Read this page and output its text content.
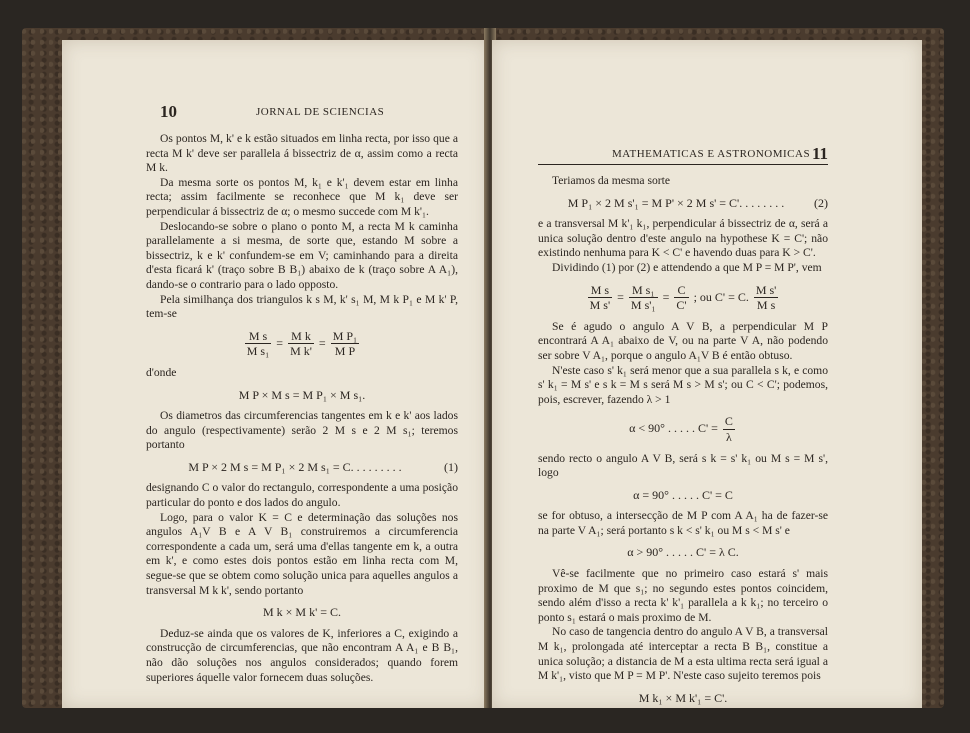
10	JORNAL DE SCIENCIAS

Os pontos M, k' e k estão situados em linha recta, por isso que a recta M k' deve ser parallela á bissectriz de α, assim como a recta M k.

Da mesma sorte os pontos M, k₁ e k'₁ devem estar em linha recta; assim facilmente se reconhece que M k₁ deve ser perpendicular á bissectriz de α; o mesmo succede com M k'₁.

Deslocando-se sobre o plano o ponto M, a recta M k caminha parallelamente a si mesma, de sorte que, estando M sobre a bissectriz, k e k' confundem-se em V; caminhando para a direita d'esta ficará k' (traço sobre B B₁) abaixo de k (traço sobre A A₁), dando-se o contrario para o lado opposto.

Pela similhança dos triangulos k s M, k' s₁ M, M k P₁ e M k' P, tem-se

$\frac{\text{M s}}{\text{M s₁}} = \frac{\text{M k}}{\text{M k'}} = \frac{\text{M P₁}}{\text{M P}}$

d'onde

M P × M s = M P₁ × M s₁.

Os diametros das circumferencias tangentes em k e k' aos lados do angulo (respectivamente) serão 2 M s e 2 M s₁; teremos portanto

M P × 2 M s = M P₁ × 2 M s₁ = C. . . . . . . . .	(1)

designando C o valor do rectangulo, correspondente a uma posição particular do ponto e dos lados do angulo.

Logo, para o valor K = C e determinação das soluções nos angulos A₁V B e A V B₁ construiremos a circumferencia correspondente a cada um, será uma d'ellas tangente em k, a outra em k', e como estes dois pontos estão em linha recta com M, segue-se que se obtem como solução unica para aquelles angulos a transversal M k k', sendo portanto

M k × M k' = C.

Deduz-se ainda que os valores de K, inferiores a C, exigindo a construcção de circumferencias, que não encontram A A₁ e B B₁, não dão soluções nos angulos considerados; quando forem superiores áquelle valor fornecem duas soluções.

MATHEMATICAS E ASTRONOMICAS 11

Teriamos da mesma sorte

M P₁ × 2 M s'₁ = M P' × 2 M s' = C'. . . . . . . . (2)

e a transversal M k'₁ k₁, perpendicular á bissectriz de α, será a unica solução dentro d'este angulo na hypothese K = C'; não existindo nenhuma para K < C' e havendo duas para K > C'.

Dividindo (1) por (2) e attendendo a que M P = M P', vem

$\frac{\text{M s}}{\text{M s'}} = \frac{\text{M s₁}}{\text{M s'₁}} = \frac{C}{C'}$ ; ou C' = C. $\frac{\text{M s'}}{\text{M s}}$

Se é agudo o angulo A V B, a perpendicular M P encontrará A A₁ abaixo de V, ou na parte V A, não podendo ser sobre V A₁, porque o angulo A₁V B é então obtuso.

N'este caso s' k₁ será menor que a sua parallela s k, e como s' k₁ = M s' e s k = M s será M s > M s'; ou C < C'; podemos, pois, escrever, fazendo λ > 1

α < 90° . . . . . $C' = \frac{C}{\lambda}$

sendo recto o angulo A V B, será s k = s' k₁ ou M s = M s', logo

α = 90° . . . . . C' = C

se for obtuso, a intersecção de M P com A A₁ ha de fazer-se na parte V A₁; será portanto s k < s' k₁ ou M s < M s' e

α > 90° . . . . . C' = λ C.

Vê-se facilmente que no primeiro caso estará s' mais proximo de M que s₁; no segundo estes pontos coincidem, sendo além d'isso a recta k' k'₁ parallela a k k₁; no terceiro o ponto s₁ estará o mais proximo de M.

No caso de tangencia dentro do angulo A V B, a transversal M k₁, prolongada até interceptar a recta B B₁, constitue a unica solução; a distancia de M a esta ultima recta será igual a M k'₁, visto que M P = M P'. N'este caso sujeito teremos pois

M k₁ × M k'₁ = C'.
